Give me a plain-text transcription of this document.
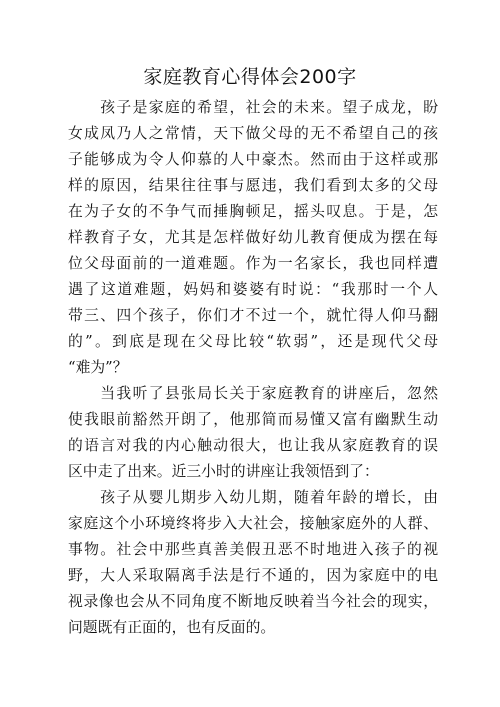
家庭教育心得体会200字
　　孩子是家庭的希望，社会的未来。望子成龙，盼
女成凤乃人之常情，天下做父母的无不希望自己的孩
子能够成为令人仰慕的人中豪杰。然而由于这样或那
样的原因，结果往往事与愿违，我们看到太多的父母
在为子女的不争气而捶胸顿足，摇头叹息。于是，怎
样教育子女，尤其是怎样做好幼儿教育便成为摆在每
位父母面前的一道难题。作为一名家长，我也同样遭
遇了这道难题，妈妈和婆婆有时说：“我那时一个人
带三、四个孩子，你们才不过一个，就忙得人仰马翻
的”。到底是现在父母比较“软弱”，还是现代父母
“难为”？
　　当我听了县张局长关于家庭教育的讲座后，忽然
使我眼前豁然开朗了，他那简而易懂又富有幽默生动
的语言对我的内心触动很大，也让我从家庭教育的误
区中走了出来。近三小时的讲座让我领悟到了：
　　孩子从婴儿期步入幼儿期，随着年龄的增长，由
家庭这个小环境终将步入大社会，接触家庭外的人群、
事物。社会中那些真善美假丑恶不时地进入孩子的视
野，大人采取隔离手法是行不通的，因为家庭中的电
视录像也会从不同角度不断地反映着当今社会的现实，
问题既有正面的，也有反面的。
